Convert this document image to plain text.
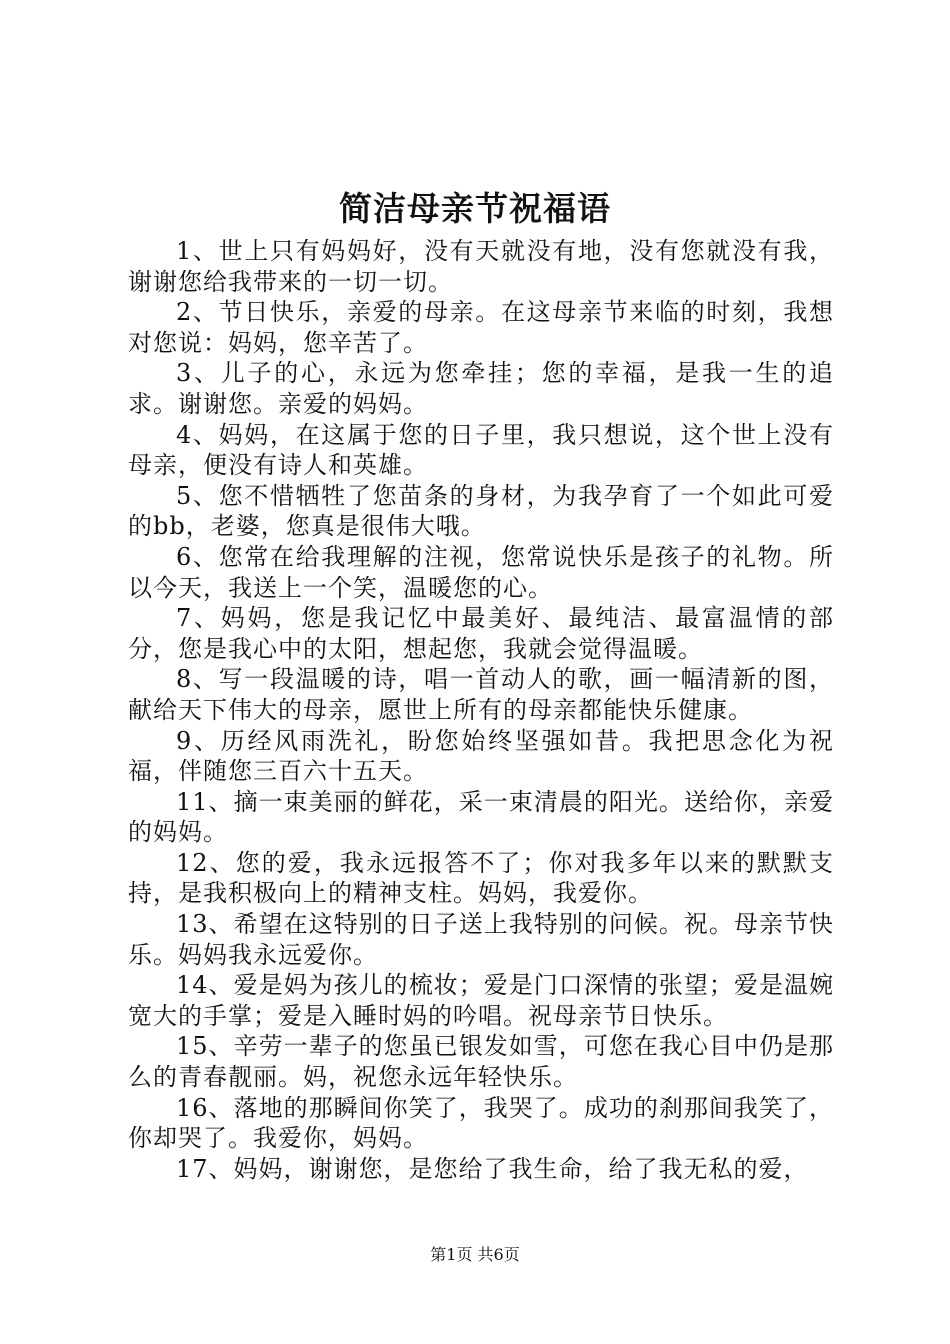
简洁母亲节祝福语

1、世上只有妈妈好，没有天就没有地，没有您就没有我，谢谢您给我带来的一切一切。

2、节日快乐，亲爱的母亲。在这母亲节来临的时刻，我想对您说：妈妈，您辛苦了。

3、儿子的心，永远为您牵挂；您的幸福，是我一生的追求。谢谢您。亲爱的妈妈。

4、妈妈，在这属于您的日子里，我只想说，这个世上没有母亲，便没有诗人和英雄。

5、您不惜牺牲了您苗条的身材，为我孕育了一个如此可爱的bb，老婆，您真是很伟大哦。

6、您常在给我理解的注视，您常说快乐是孩子的礼物。所以今天，我送上一个笑，温暖您的心。

7、妈妈，您是我记忆中最美好、最纯洁、最富温情的部分，您是我心中的太阳，想起您，我就会觉得温暖。

8、写一段温暖的诗，唱一首动人的歌，画一幅清新的图，献给天下伟大的母亲，愿世上所有的母亲都能快乐健康。

9、历经风雨洗礼，盼您始终坚强如昔。我把思念化为祝福，伴随您三百六十五天。

11、摘一束美丽的鲜花，采一束清晨的阳光。送给你，亲爱的妈妈。

12、您的爱，我永远报答不了；你对我多年以来的默默支持，是我积极向上的精神支柱。妈妈，我爱你。

13、希望在这特别的日子送上我特别的问候。祝。母亲节快乐。妈妈我永远爱你。

14、爱是妈为孩儿的梳妆；爱是门口深情的张望；爱是温婉宽大的手掌；爱是入睡时妈的吟唱。祝母亲节日快乐。

15、辛劳一辈子的您虽已银发如雪，可您在我心目中仍是那么的青春靓丽。妈，祝您永远年轻快乐。

16、落地的那瞬间你笑了，我哭了。成功的刹那间我笑了，你却哭了。我爱你，妈妈。

17、妈妈，谢谢您，是您给了我生命，给了我无私的爱，

第1页 共6页
